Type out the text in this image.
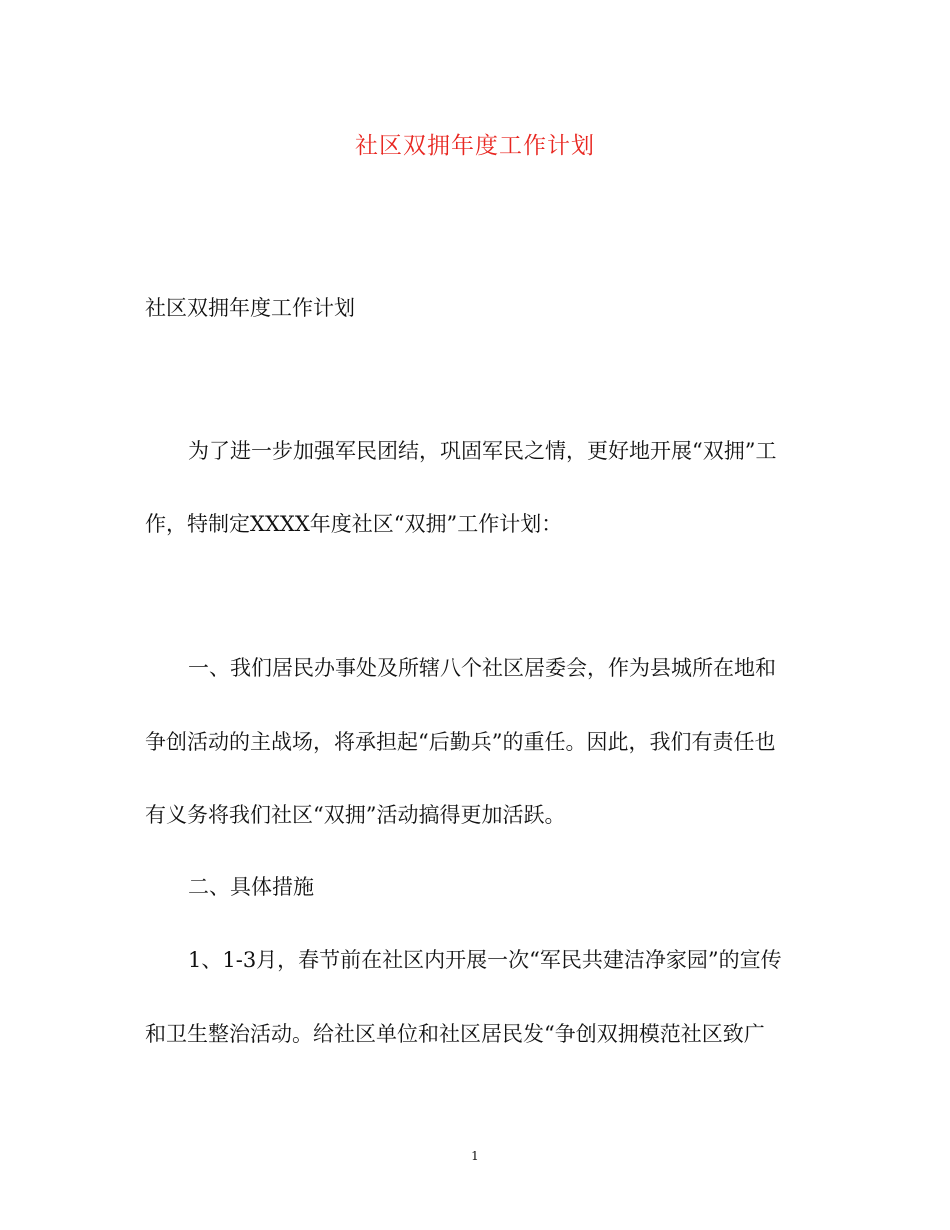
社区双拥年度工作计划
社区双拥年度工作计划
为了进一步加强军民团结，巩固军民之情，更好地开展“双拥”工
作，特制定XXXX年度社区“双拥”工作计划：
一、我们居民办事处及所辖八个社区居委会，作为县城所在地和
争创活动的主战场，将承担起“后勤兵”的重任。因此，我们有责任也
有义务将我们社区“双拥”活动搞得更加活跃。
二、具体措施
1、1-3月，春节前在社区内开展一次“军民共建洁净家园”的宣传
和卫生整治活动。给社区单位和社区居民发“争创双拥模范社区致广
1
